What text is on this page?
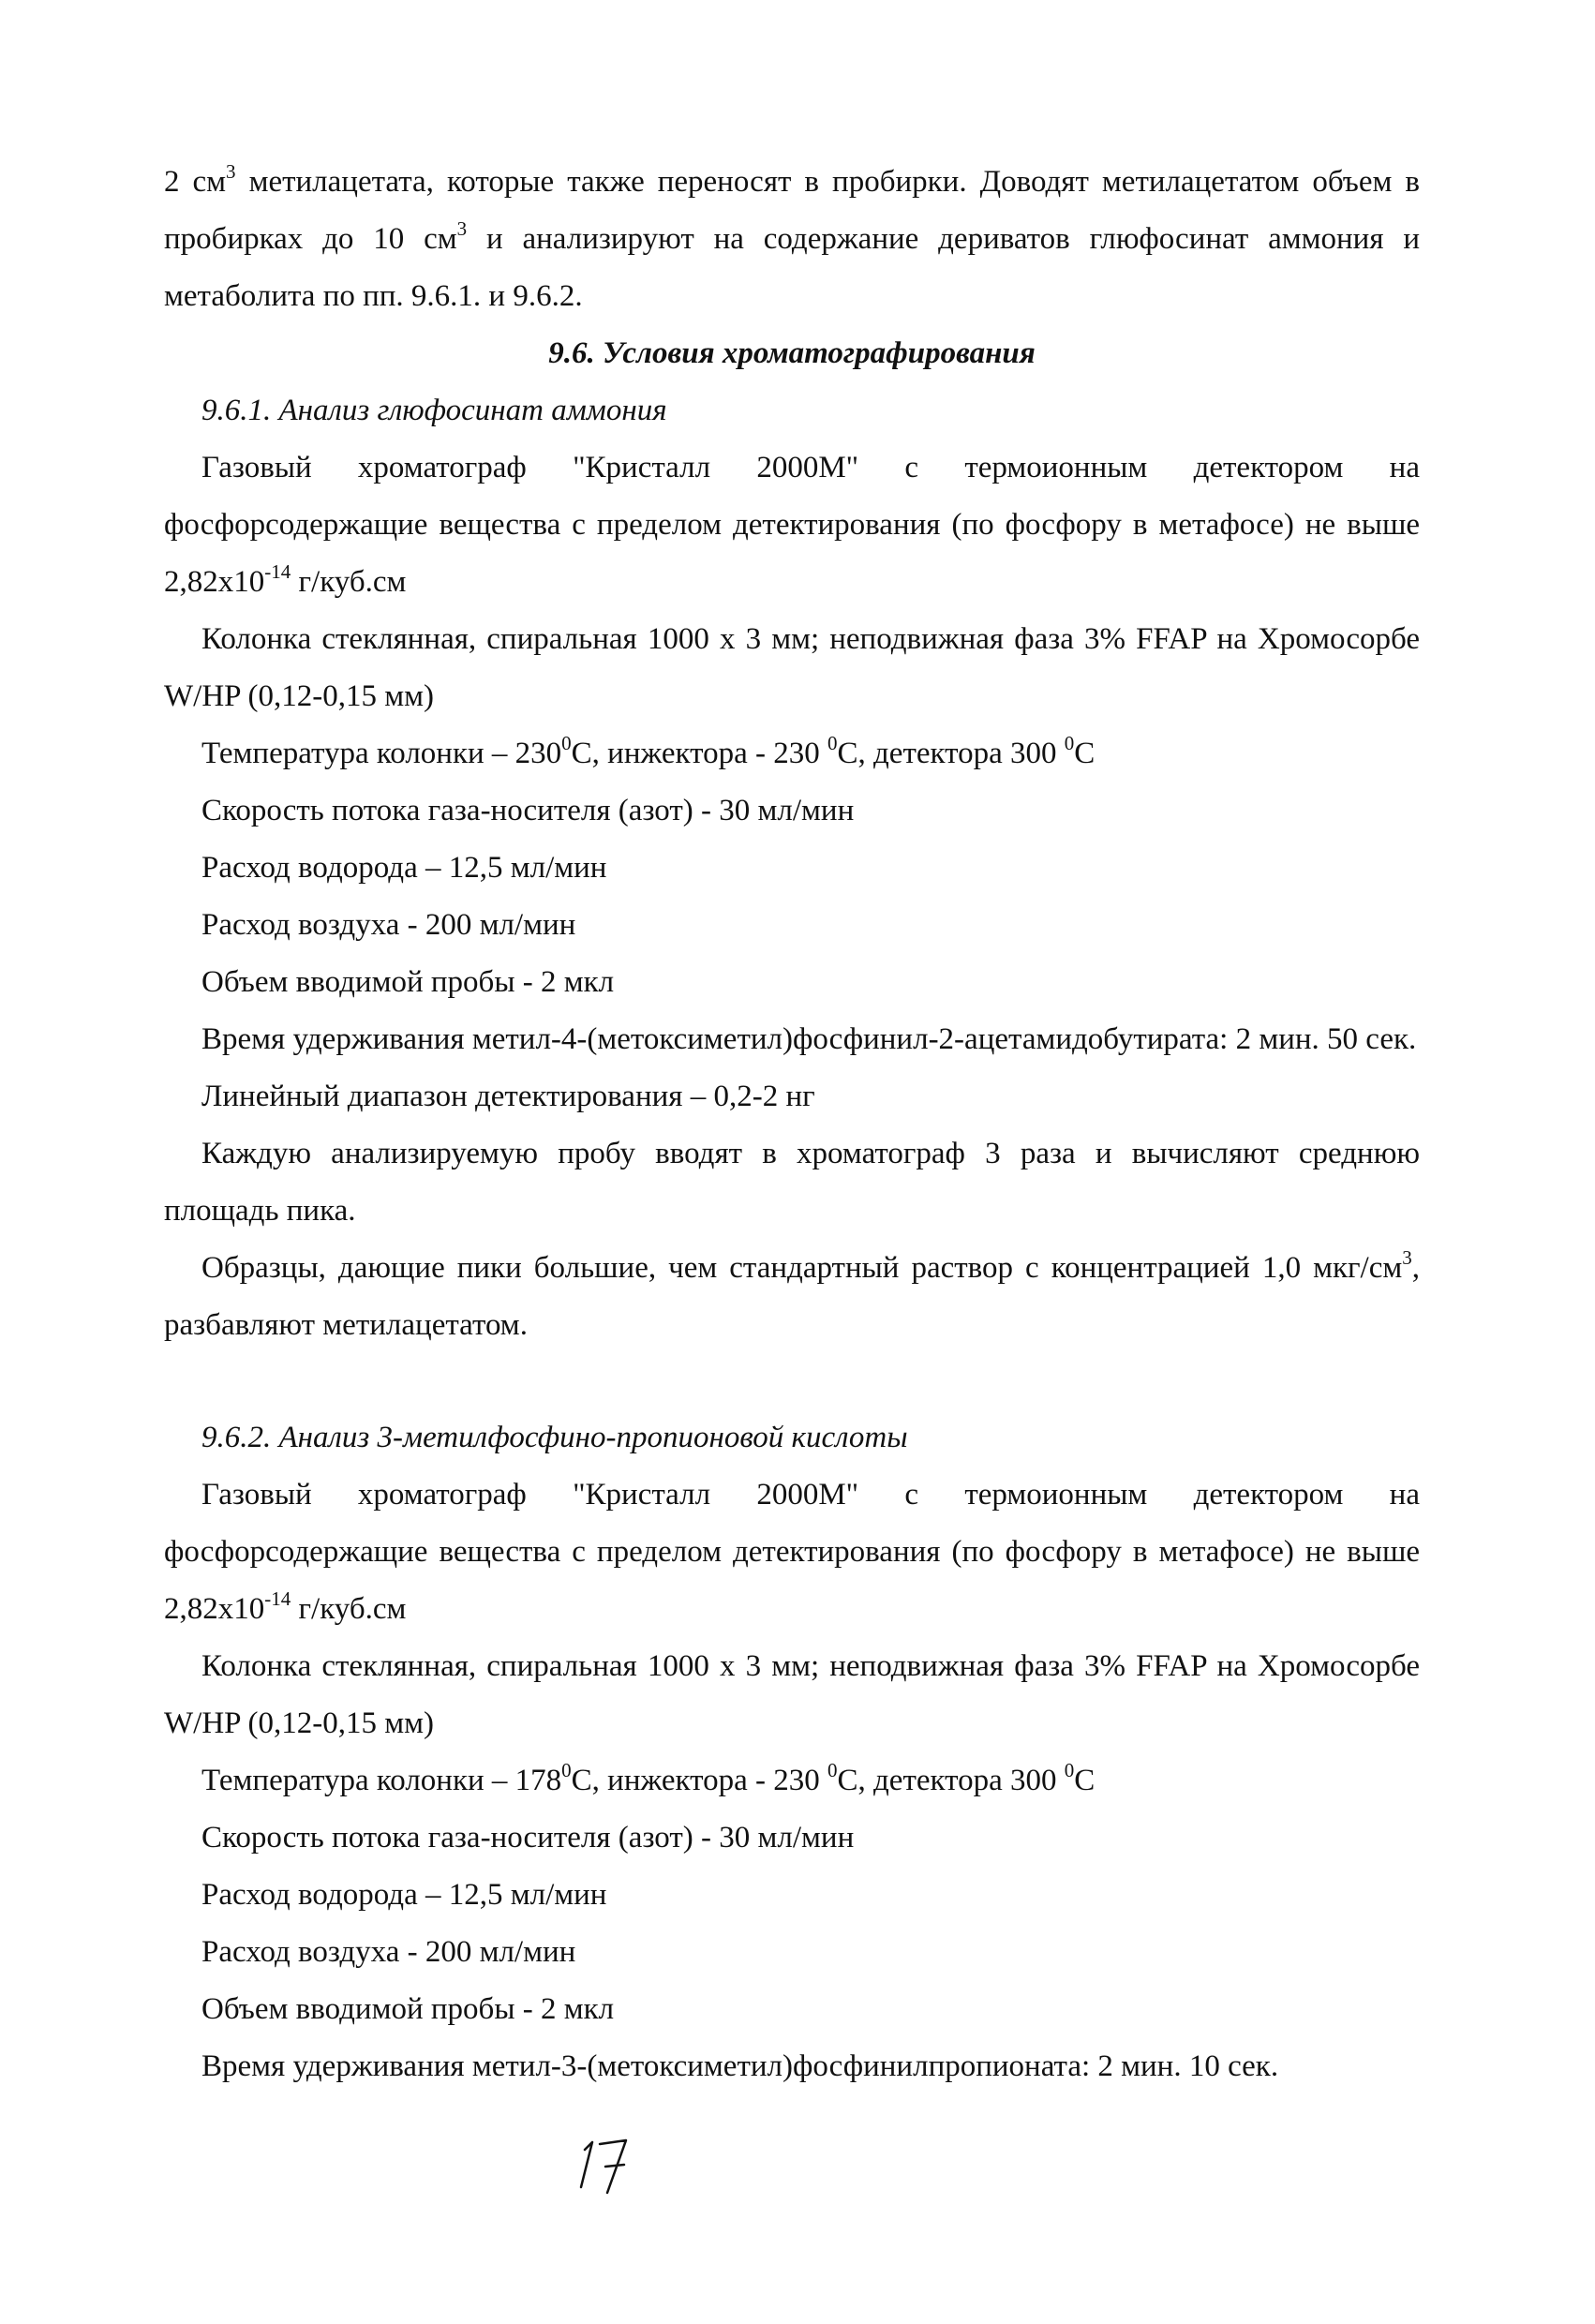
2 $см^3$ метилацетата, которые также переносят в пробирки. Доводят метилацетатом объем в пробирках до 10 $см^3$ и анализируют на содержание дериватов глюфосинат аммония и метаболита по пп. 9.6.1. и 9.6.2.

9.6. Условия хроматографирования

9.6.1. Анализ глюфосинат аммония

Газовый хроматограф "Кристалл 2000М" с термоионным детектором на фосфорсодержащие вещества с пределом детектирования (по фосфору в метафосе) не выше $2,82х10^{-14}$ г/куб.см

Колонка стеклянная, спиральная 1000 х 3 мм; неподвижная фаза 3% FFAP на Хромосорбе W/HP (0,12-0,15 мм)

Температура колонки – $230^0С$, инжектора - 230 $^0$С, детектора 300 $^0$С

Скорость потока газа-носителя (азот) - 30 мл/мин

Расход водорода – 12,5 мл/мин

Расход воздуха - 200 мл/мин

Объем вводимой пробы - 2 мкл

Время удерживания метил-4-(метоксиметил)фосфинил-2-ацетамидобутирата: 2 мин. 50 сек.

Линейный диапазон детектирования – 0,2-2 нг

Каждую анализируемую пробу вводят в хроматограф 3 раза и вычисляют среднюю площадь пика.

Образцы, дающие пики большие, чем стандартный раствор с концентрацией 1,0 мкг/$см^3$, разбавляют метилацетатом.

9.6.2. Анализ 3-метилфосфино-пропионовой кислоты

Газовый хроматограф "Кристалл 2000М" с термоионным детектором на фосфорсодержащие вещества с пределом детектирования (по фосфору в метафосе) не выше $2,82х10^{-14}$ г/куб.см

Колонка стеклянная, спиральная 1000 х 3 мм; неподвижная фаза 3% FFAP на Хромосорбе W/HP (0,12-0,15 мм)

Температура колонки – $178^0С$, инжектора - 230 $^0$С, детектора 300 $^0$С

Скорость потока газа-носителя (азот) - 30 мл/мин

Расход водорода – 12,5 мл/мин

Расход воздуха - 200 мл/мин

Объем вводимой пробы - 2 мкл

Время удерживания метил-3-(метоксиметил)фосфинилпропионата: 2 мин. 10 сек.
